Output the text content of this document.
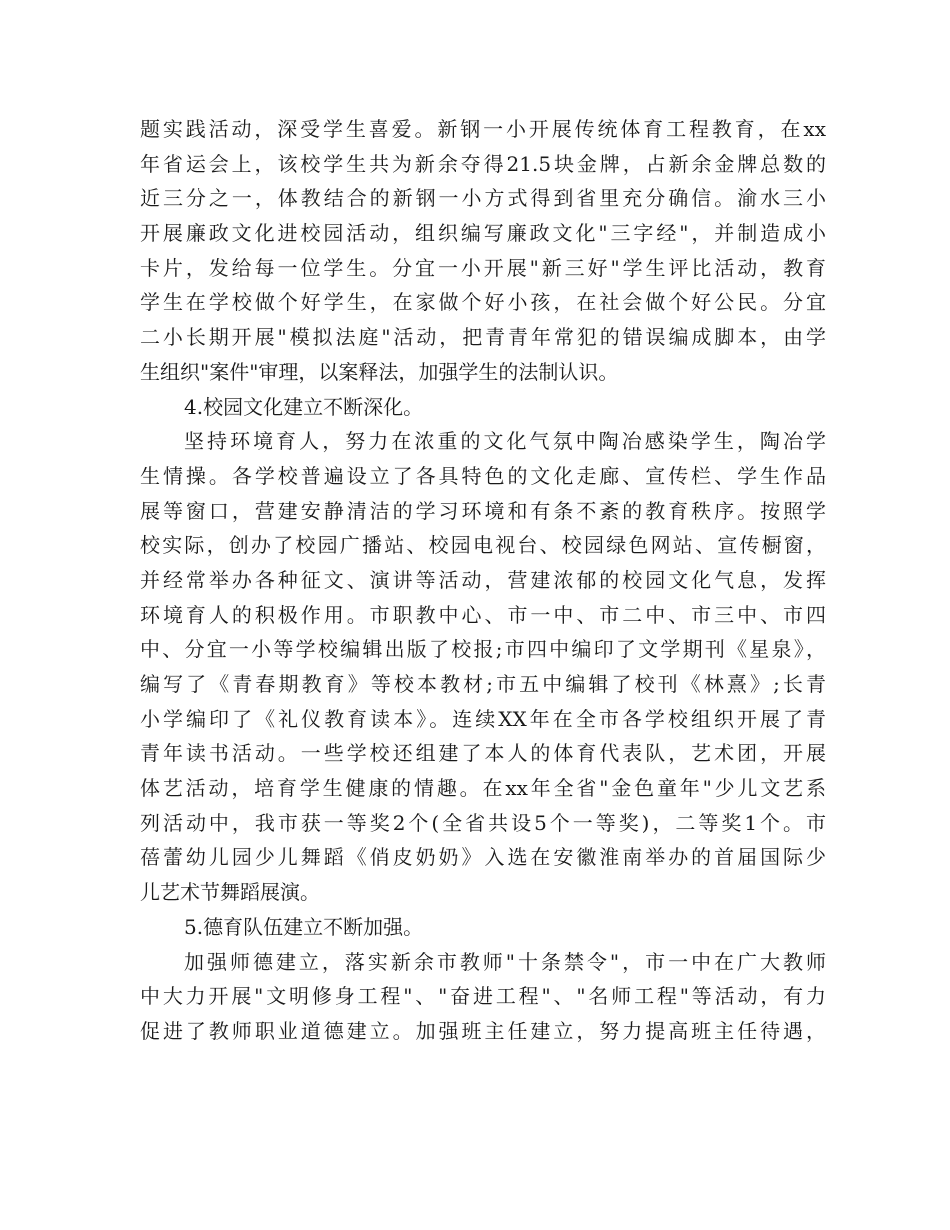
题实践活动，深受学生喜爱。新钢一小开展传统体育工程教育，在xx
年省运会上，该校学生共为新余夺得21.5块金牌，占新余金牌总数的
近三分之一，体教结合的新钢一小方式得到省里充分确信。渝水三小
开展廉政文化进校园活动，组织编写廉政文化"三字经"，并制造成小
卡片，发给每一位学生。分宜一小开展"新三好"学生评比活动，教育
学生在学校做个好学生，在家做个好小孩，在社会做个好公民。分宜
二小长期开展"模拟法庭"活动，把青青年常犯的错误编成脚本，由学
生组织"案件"审理，以案释法，加强学生的法制认识。
4.校园文化建立不断深化。
坚持环境育人，努力在浓重的文化气氛中陶冶感染学生，陶冶学
生情操。各学校普遍设立了各具特色的文化走廊、宣传栏、学生作品
展等窗口，营建安静清洁的学习环境和有条不紊的教育秩序。按照学
校实际，创办了校园广播站、校园电视台、校园绿色网站、宣传橱窗，
并经常举办各种征文、演讲等活动，营建浓郁的校园文化气息，发挥
环境育人的积极作用。市职教中心、市一中、市二中、市三中、市四
中、分宜一小等学校编辑出版了校报;市四中编印了文学期刊《星泉》，
编写了《青春期教育》等校本教材;市五中编辑了校刊《林熹》;长青
小学编印了《礼仪教育读本》。连续XX年在全市各学校组织开展了青
青年读书活动。一些学校还组建了本人的体育代表队，艺术团，开展
体艺活动，培育学生健康的情趣。在xx年全省"金色童年"少儿文艺系
列活动中，我市获一等奖2个(全省共设5个一等奖)，二等奖1个。市
蓓蕾幼儿园少儿舞蹈《俏皮奶奶》入选在安徽淮南举办的首届国际少
儿艺术节舞蹈展演。
5.德育队伍建立不断加强。
加强师德建立，落实新余市教师"十条禁令"，市一中在广大教师
中大力开展"文明修身工程"、"奋进工程"、"名师工程"等活动，有力
促进了教师职业道德建立。加强班主任建立，努力提高班主任待遇，
